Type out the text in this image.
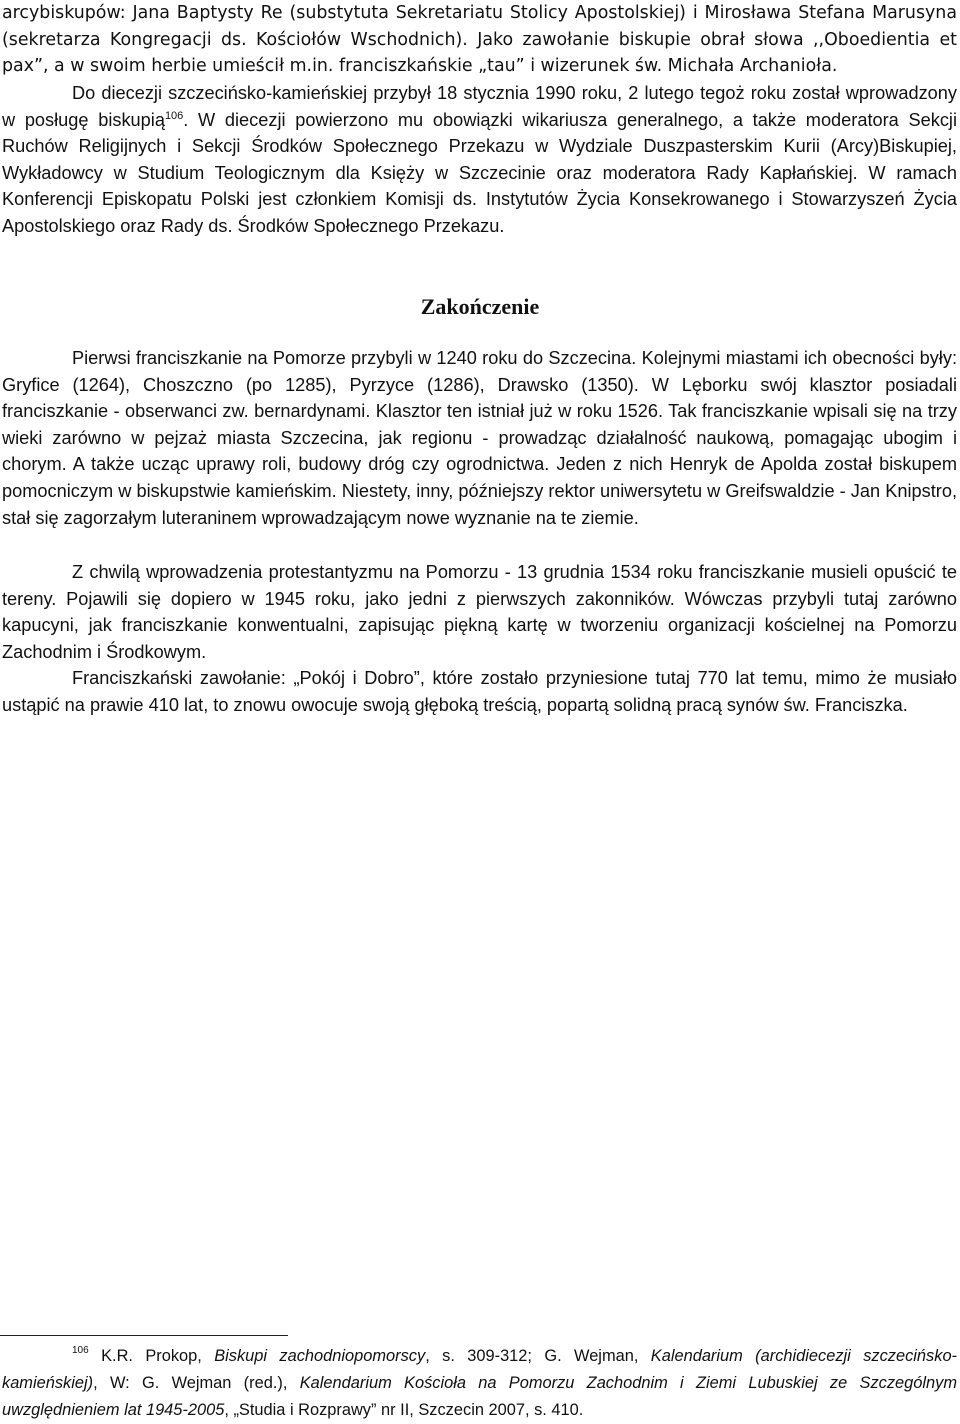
arcybiskupów: Jana Baptysty Re (substytuta Sekretariatu Stolicy Apostolskiej) i Mirosława Stefana Marusyna (sekretarza Kongregacji ds. Kościołów Wschodnich). Jako zawołanie biskupie obrał słowa ,,Oboedientia et pax”, a w swoim herbie umieścił m.in. franciszkańskie „tau” i wizerunek św. Michała Archanioła.

Do diecezji szczecińsko-kamieńskiej przybył 18 stycznia 1990 roku, 2 lutego tegoż roku został wprowadzony w posługę biskupią$^{106}$. W diecezji powierzono mu obowiązki wikariusza generalnego, a także moderatora Sekcji Ruchów Religijnych i Sekcji Środków Społecznego Przekazu w Wydziale Duszpasterskim Kurii (Arcy)Biskupiej, Wykładowcy w Studium Teologicznym dla Księży w Szczecinie oraz moderatora Rady Kapłańskiej. W ramach Konferencji Episkopatu Polski jest członkiem Komisji ds. Instytutów Życia Konsekrowanego i Stowarzyszeń Życia Apostolskiego oraz Rady ds. Środków Społecznego Przekazu.

Zakończenie

Pierwsi franciszkanie na Pomorze przybyli w 1240 roku do Szczecina. Kolejnymi miastami ich obecności były: Gryfice (1264), Choszczno (po 1285), Pyrzyce (1286), Drawsko (1350). W Lęborku swój klasztor posiadali franciszkanie - obserwanci zw. bernardynami. Klasztor ten istniał już w roku 1526. Tak franciszkanie wpisali się na trzy wieki zarówno w pejzaż miasta Szczecina, jak regionu - prowadząc działalność naukową, pomagając ubogim i chorym. A także ucząc uprawy roli, budowy dróg czy ogrodnictwa. Jeden z nich Henryk de Apolda został biskupem pomocniczym w biskupstwie kamieńskim. Niestety, inny, późniejszy rektor uniwersytetu w Greifswaldzie - Jan Knipstro, stał się zagorzałym luteraninem wprowadzającym nowe wyznanie na te ziemie.

Z chwilą wprowadzenia protestantyzmu na Pomorzu - 13 grudnia 1534 roku franciszkanie musieli opuścić te tereny. Pojawili się dopiero w 1945 roku, jako jedni z pierwszych zakonników. Wówczas przybyli tutaj zarówno kapucyni, jak franciszkanie konwentualni, zapisując piękną kartę w tworzeniu organizacji kościelnej na Pomorzu Zachodnim i Środkowym.

Franciszkański zawołanie: „Pokój i Dobro”, które zostało przyniesione tutaj 770 lat temu, mimo że musiało ustąpić na prawie 410 lat, to znowu owocuje swoją głęboką treścią, popartą solidną pracą synów św. Franciszka.

$^{106}$ K.R. Prokop, Biskupi zachodniopomorscy, s. 309-312; G. Wejman, Kalendarium (archidiecezji szczecińsko-kamieńskiej), W: G. Wejman (red.), Kalendarium Kościoła na Pomorzu Zachodnim i Ziemi Lubuskiej ze Szczególnym uwzględnieniem lat 1945-2005, „Studia i Rozprawy” nr II, Szczecin 2007, s. 410.
